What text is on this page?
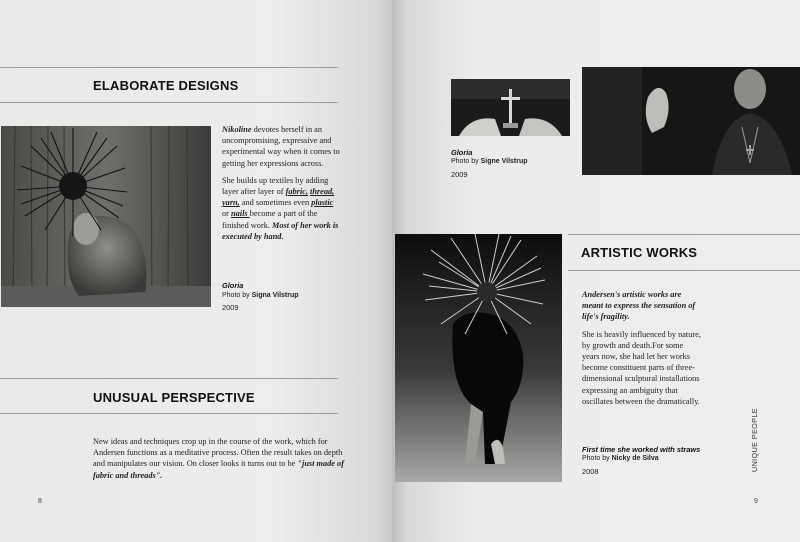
ELABORATE DESIGNS

Nikoline devotes herself in an uncompromising, expressive and experimental way when it comes to getting her expressions across.

She builds up textiles by adding layer after layer of fabric, thread, yarn, and sometimes even plastic or nails become a part of the finished work. Most of her work is executed by hand.

Gloria
Photo by Signa Vilstrup
2009
UNUSUAL PERSPECTIVE
New ideas and techniques crop up in the course of the work, which for Andersen functions as a meditative process. Often the result takes on depth and manipulates our vision. On closer looks it turns out to be "just made of fabric and threads".
8
Gloria
Photo by Signe Vilstrup
2009
ARTISTIC WORKS

Andersen's artistic works are meant to express the sensation of life's fragility.

She is heavily influenced by nature, by growth and death.For some years now, she had let her works become constituent parts of three-dimensional sculptural installations expressing an ambiguity that oscillates between the dramatically.

First time she worked with straws
Photo by Nicky de Silva
2008	UNIQUE PEOPLE
9
